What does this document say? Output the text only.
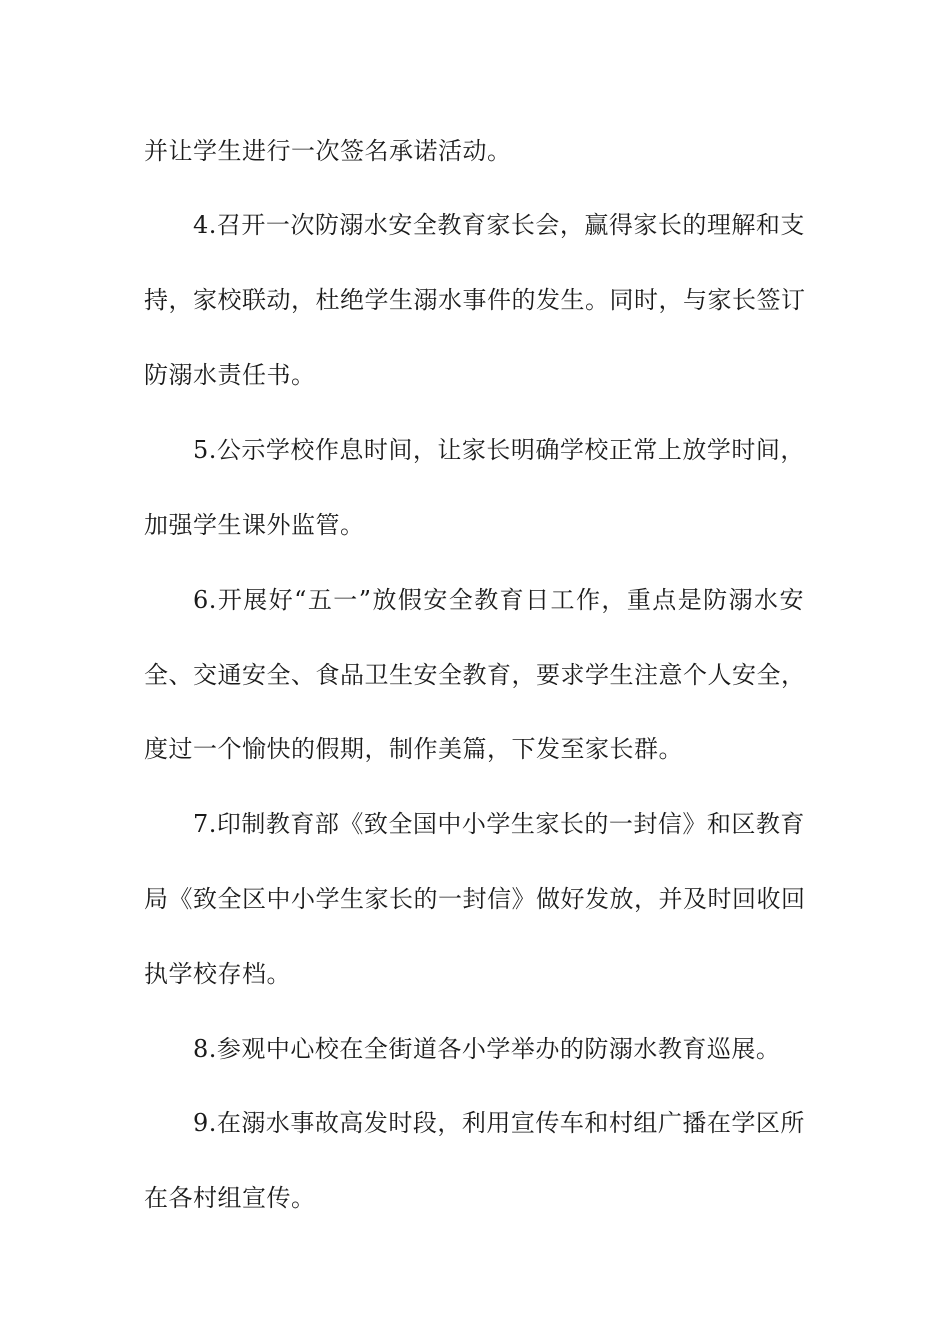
并让学生进行一次签名承诺活动。
4.召开一次防溺水安全教育家长会，赢得家长的理解和支
持，家校联动，杜绝学生溺水事件的发生。同时，与家长签订
防溺水责任书。
5.公示学校作息时间，让家长明确学校正常上放学时间，
加强学生课外监管。
6.开展好“五一”放假安全教育日工作，重点是防溺水安
全、交通安全、食品卫生安全教育，要求学生注意个人安全，
度过一个愉快的假期，制作美篇，下发至家长群。
7.印制教育部《致全国中小学生家长的一封信》和区教育
局《致全区中小学生家长的一封信》做好发放，并及时回收回
执学校存档。
8.参观中心校在全街道各小学举办的防溺水教育巡展。
9.在溺水事故高发时段，利用宣传车和村组广播在学区所
在各村组宣传。
